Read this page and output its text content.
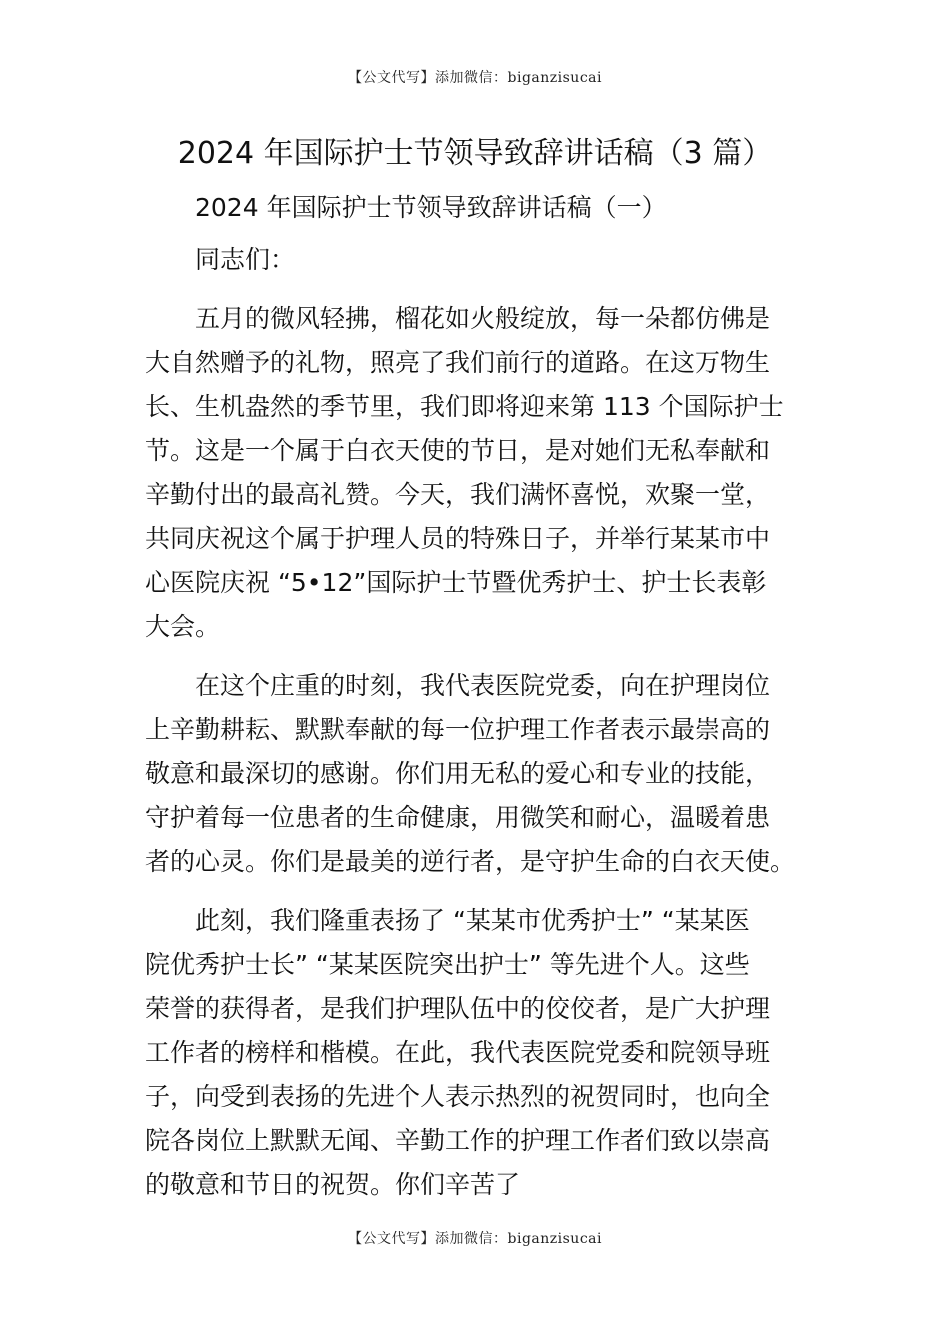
【公文代写】添加微信：biganzisucai
2024 年国际护士节领导致辞讲话稿（3 篇）
2024 年国际护士节领导致辞讲话稿（一）
同志们：
五月的微风轻拂，榴花如火般绽放，每一朵都仿佛是
大自然赠予的礼物，照亮了我们前行的道路。在这万物生
长、生机盎然的季节里，我们即将迎来第 113 个国际护士
节。这是一个属于白衣天使的节日，是对她们无私奉献和
辛勤付出的最高礼赞。今天，我们满怀喜悦，欢聚一堂，
共同庆祝这个属于护理人员的特殊日子，并举行某某市中
心医院庆祝 “5•12”国际护士节暨优秀护士、护士长表彰
大会。
在这个庄重的时刻，我代表医院党委，向在护理岗位
上辛勤耕耘、默默奉献的每一位护理工作者表示最崇高的
敬意和最深切的感谢。你们用无私的爱心和专业的技能，
守护着每一位患者的生命健康，用微笑和耐心，温暖着患
者的心灵。你们是最美的逆行者，是守护生命的白衣天使。
此刻，我们隆重表扬了 “某某市优秀护士” “某某医
院优秀护士长” “某某医院突出护士” 等先进个人。这些
荣誉的获得者，是我们护理队伍中的佼佼者，是广大护理
工作者的榜样和楷模。在此，我代表医院党委和院领导班
子，向受到表扬的先进个人表示热烈的祝贺同时，也向全
院各岗位上默默无闻、辛勤工作的护理工作者们致以崇高
的敬意和节日的祝贺。你们辛苦了
【公文代写】添加微信：biganzisucai
